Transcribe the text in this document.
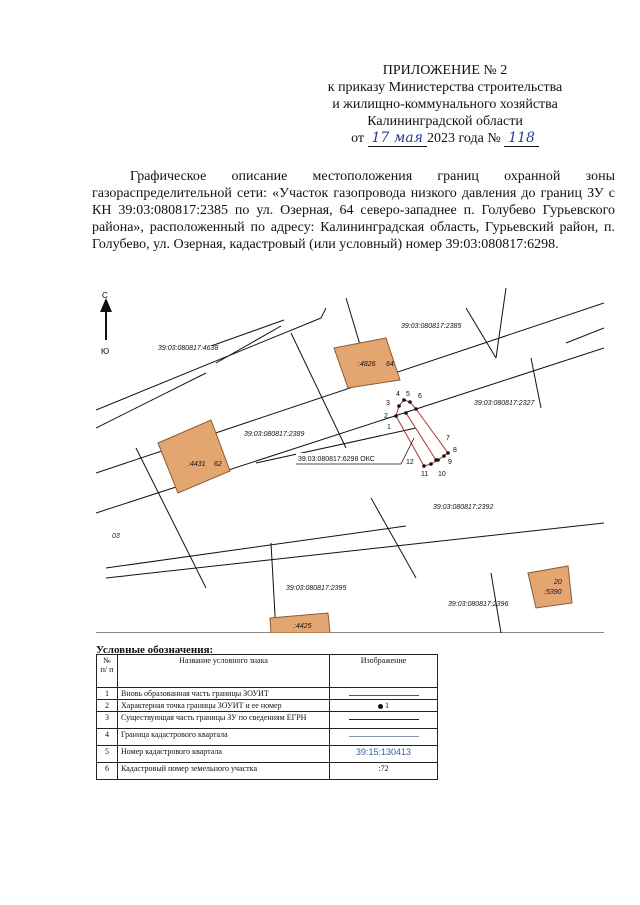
ПРИЛОЖЕНИЕ № 2
к приказу Министерства строительства
и жилищно-коммунального хозяйства
Калининградской области
от 17 мая 2023 года № 118
Графическое описание местоположения границ охранной зоны газораспределительной сети: «Участок газопровода низкого давления до границ ЗУ с КН 39:03:080817:2385 по ул. Озерная, 64 северо-западнее п. Голубево Гурьевского района», расположенный по адресу: Калининградская область, Гурьевский район, п. Голубево, ул. Озерная, кадастровый (или условный) номер 39:03:080817:6298.
С
Ю
1
2
3
4 5 6
7
8
9
10
11
12
39:03:080817:4638
39:03:080817:2385
39:03:080817:2389
39:03:080817:2327
39:03:080817:2392
39:03:080817:2395
39:03:080817:2396
03
39:03:080817:6298 ОКС
:4826 64
:4431 62
:5390
20
:4425
Условные обозначения:
№ п/ п	Название условного знака	Изображение
1	Вновь образованная часть границы ЗОУИТ	
2	Характерная точка границы ЗОУИТ и ее номер	1
3	Существующая часть границы ЗУ по сведениям ЕГРН	
4	Граница кадастрового квартала	
5	Номер кадастрового квартала	39:15:130413
6	Кадастровый номер земельного участка	:72
